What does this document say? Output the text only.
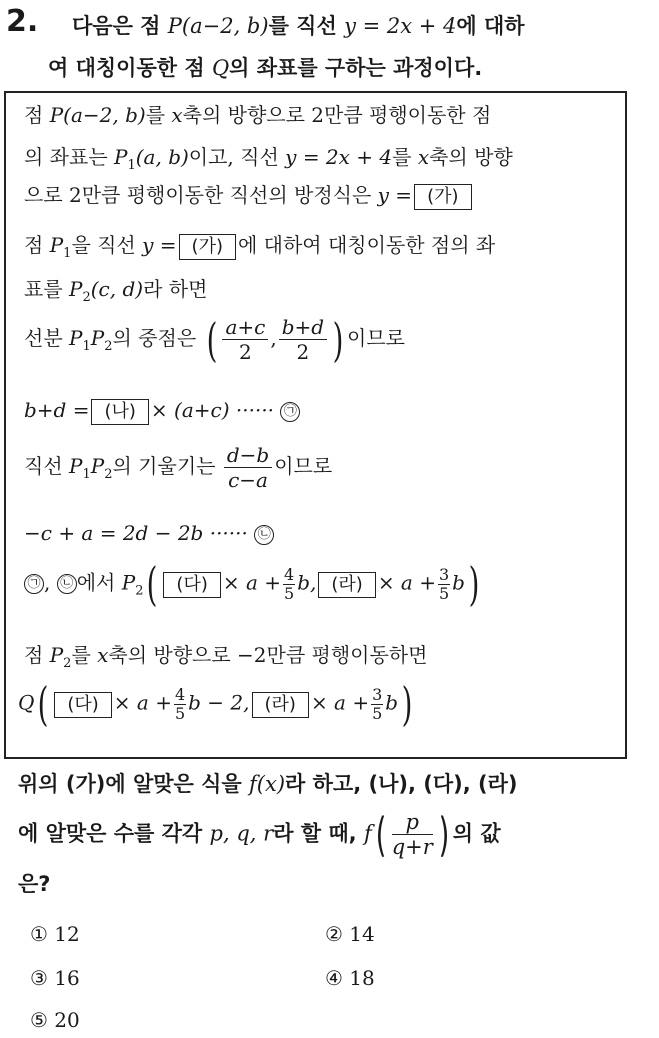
2. 다음은 점 P(a−2, b)를 직선 y = 2x + 4에 대하
여 대칭이동한 점 Q의 좌표를 구하는 과정이다.
점 P(a−2, b)를 x축의 방향으로 2만큼 평행이동한 점
의 좌표는 $P_1(a$, b)이고, 직선 y = 2x + 4를 x축의 방향
으로 2만큼 평행이동한 직선의 방정식은 y = (가)
점 $P_1$을 직선 y = (가) 에 대하여 대칭이동한 점의 좌
표를 $P_2(c$, d)라 하면
선분 $P_1P_2$의 중점은 ( $\frac{a+c}{2}$ , $\frac{b+d}{2}$ ) 이므로
b+d = (나) × (a+c) ······ ㉠
직선 $P_1P_2$의 기울기는 $\frac{d-b}{c-a}$ 이므로
−c + a = 2d − 2b ······ ㉡
㉠ , ㉡ 에서 $P_2$( (다) × $a + \frac{4}{5} b$, (라) × $a + \frac{3}{5} b$)
점 $P_2$를 x축의 방향으로 −2만큼 평행이동하면
Q( (다) × $a + \frac{4}{5}$ b − 2, (라) × $a + \frac{3}{5} b$)
위의 (가)에 알맞은 식을 f(x)라 하고, (나), (다), (라)
에 알맞은 수를 각각 p, q, r라 할 때, $f( \frac{p}{q+r}$ ) 의 값
은?
① 12	② 14
③ 16	④ 18
⑤ 20
